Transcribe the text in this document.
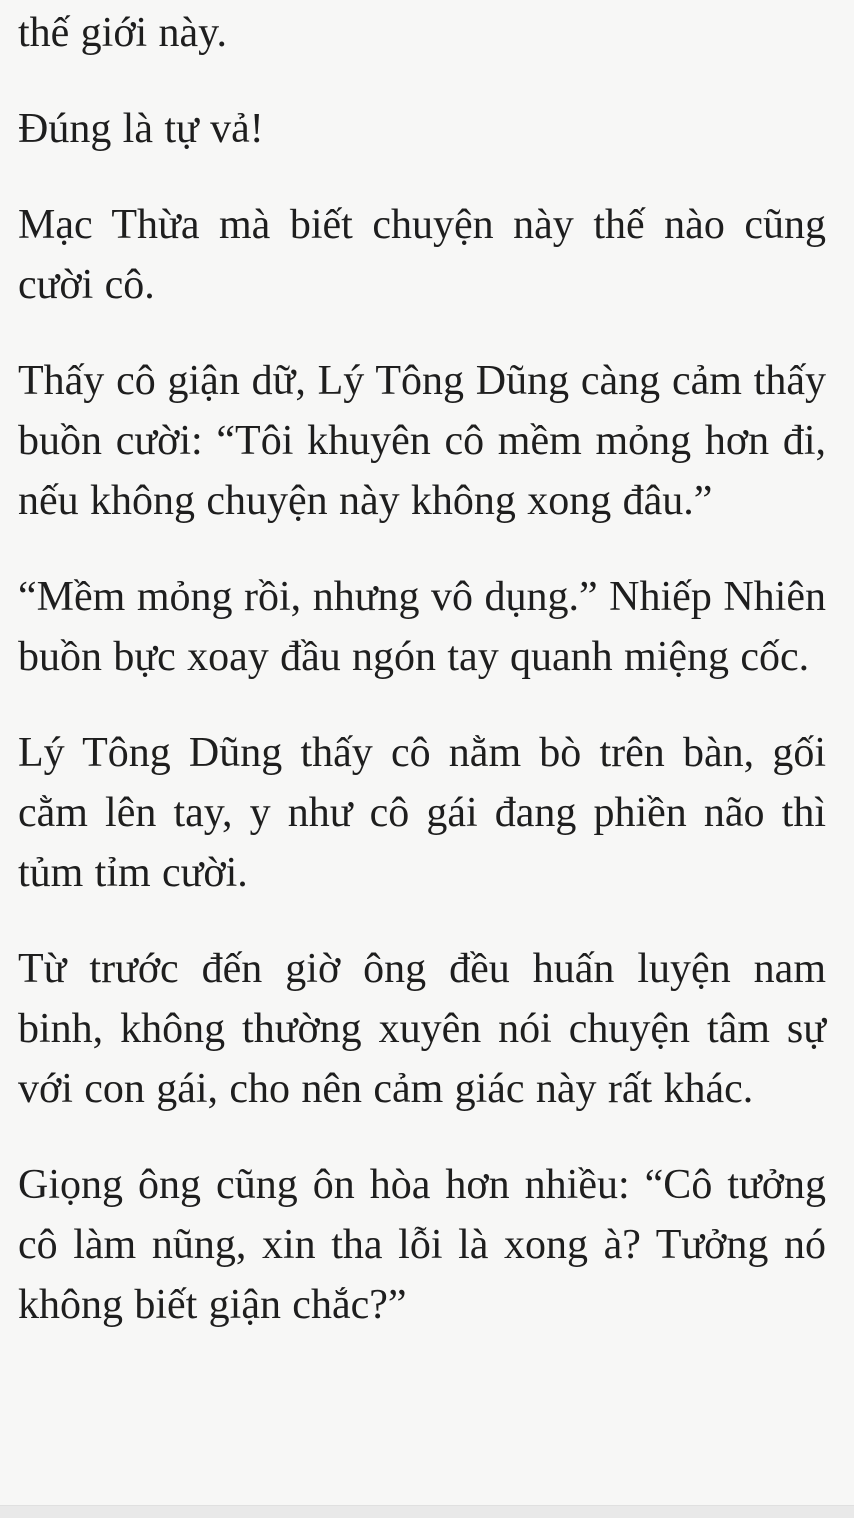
thế giới này.

Đúng là tự vả!

Mạc Thừa mà biết chuyện này thế nào cũng cười cô.

Thấy cô giận dữ, Lý Tông Dũng càng cảm thấy buồn cười: “Tôi khuyên cô mềm mỏng hơn đi, nếu không chuyện này không xong đâu.”

“Mềm mỏng rồi, nhưng vô dụng.” Nhiếp Nhiên buồn bực xoay đầu ngón tay quanh miệng cốc.

Lý Tông Dũng thấy cô nằm bò trên bàn, gối cằm lên tay, y như cô gái đang phiền não thì tủm tỉm cười.

Từ trước đến giờ ông đều huấn luyện nam binh, không thường xuyên nói chuyện tâm sự với con gái, cho nên cảm giác này rất khác.

Giọng ông cũng ôn hòa hơn nhiều: “Cô tưởng cô làm nũng, xin tha lỗi là xong à? Tưởng nó không biết giận chắc?”
